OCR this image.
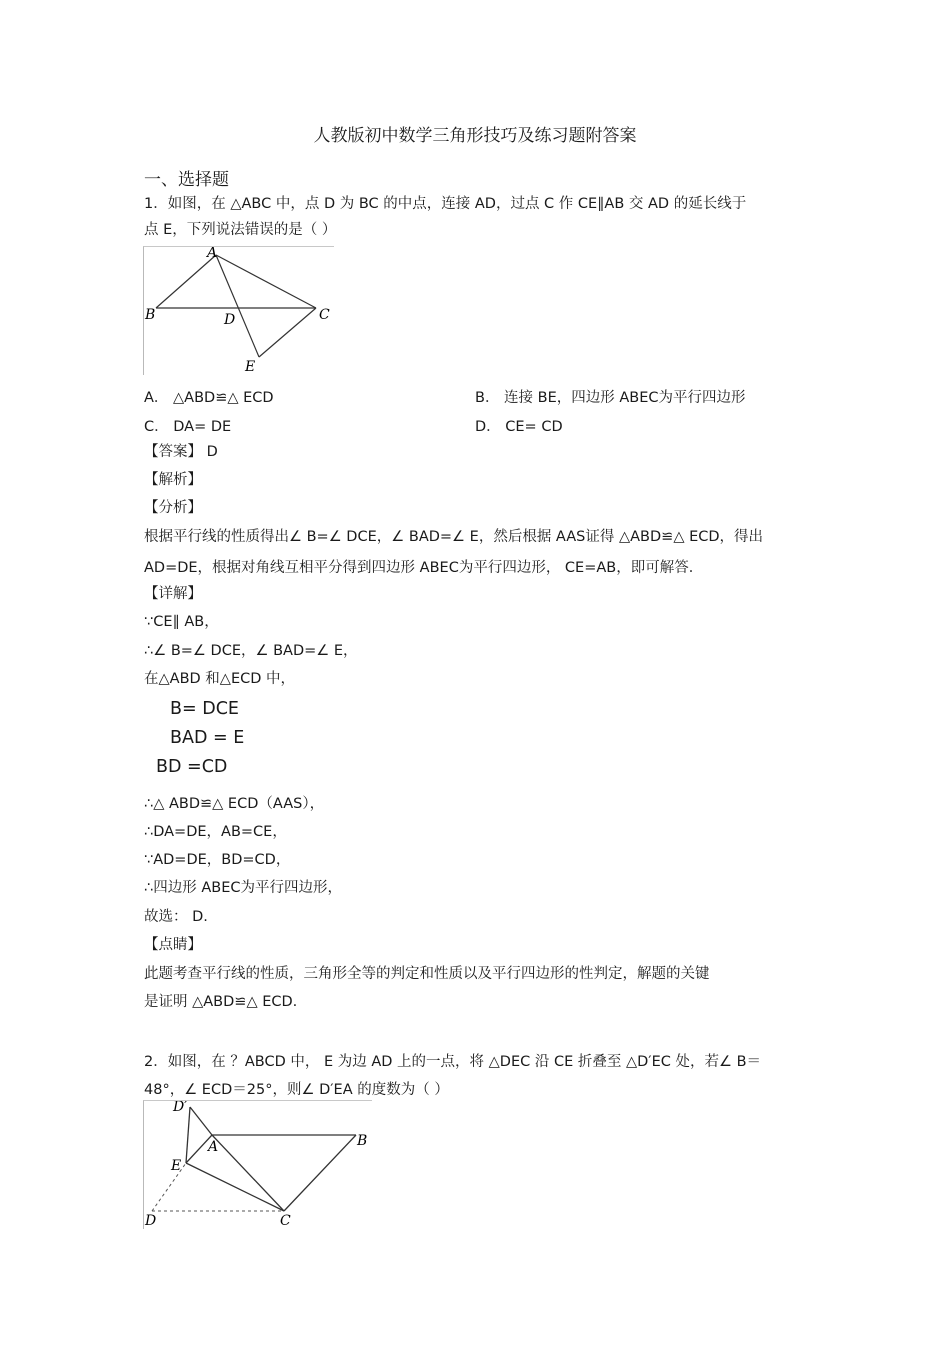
人教版初中数学三角形技巧及练习题附答案
一、选择题
1．如图，在 △ABC 中，点 D 为 BC 的中点，连接 AD，过点 C 作 CE∥AB 交 AD 的延长线于
点 E，下列说法错误的是（ ）
A
B	C
D
E
A． △ABD≌△ ECD	B． 连接 BE，四边形 ABEC为平行四边形
C． DA= DE	D． CE= CD
【答案】 D
【解析】
【分析】
根据平行线的性质得出∠ B=∠ DCE，∠ BAD=∠ E，然后根据 AAS证得 △ABD≌△ ECD，得出
AD=DE，根据对角线互相平分得到四边形 ABEC为平行四边形， CE=AB，即可解答．
【详解】
∵CE∥ AB，
∴∠ B=∠ DCE，∠ BAD=∠ E，
在△ABD 和△ECD 中，
B= DCE
BAD = E
BD =CD
∴△ ABD≌△ ECD（AAS），
∴DA=DE，AB=CE，
∵AD=DE，BD=CD，
∴四边形 ABEC为平行四边形，
故选： D.
【点睛】
此题考查平行线的性质，三角形全等的判定和性质以及平行四边形的性判定，解题的关键
是证明 △ABD≌△ ECD.
2．如图，在 ？ABCD 中， E 为边 AD 上的一点，将 △DEC 沿 CE 折叠至 △D′EC 处，若∠ B＝
48°，∠ ECD＝25°，则∠ D′EA 的度数为（ ）
D′
A	B
E
D	C
